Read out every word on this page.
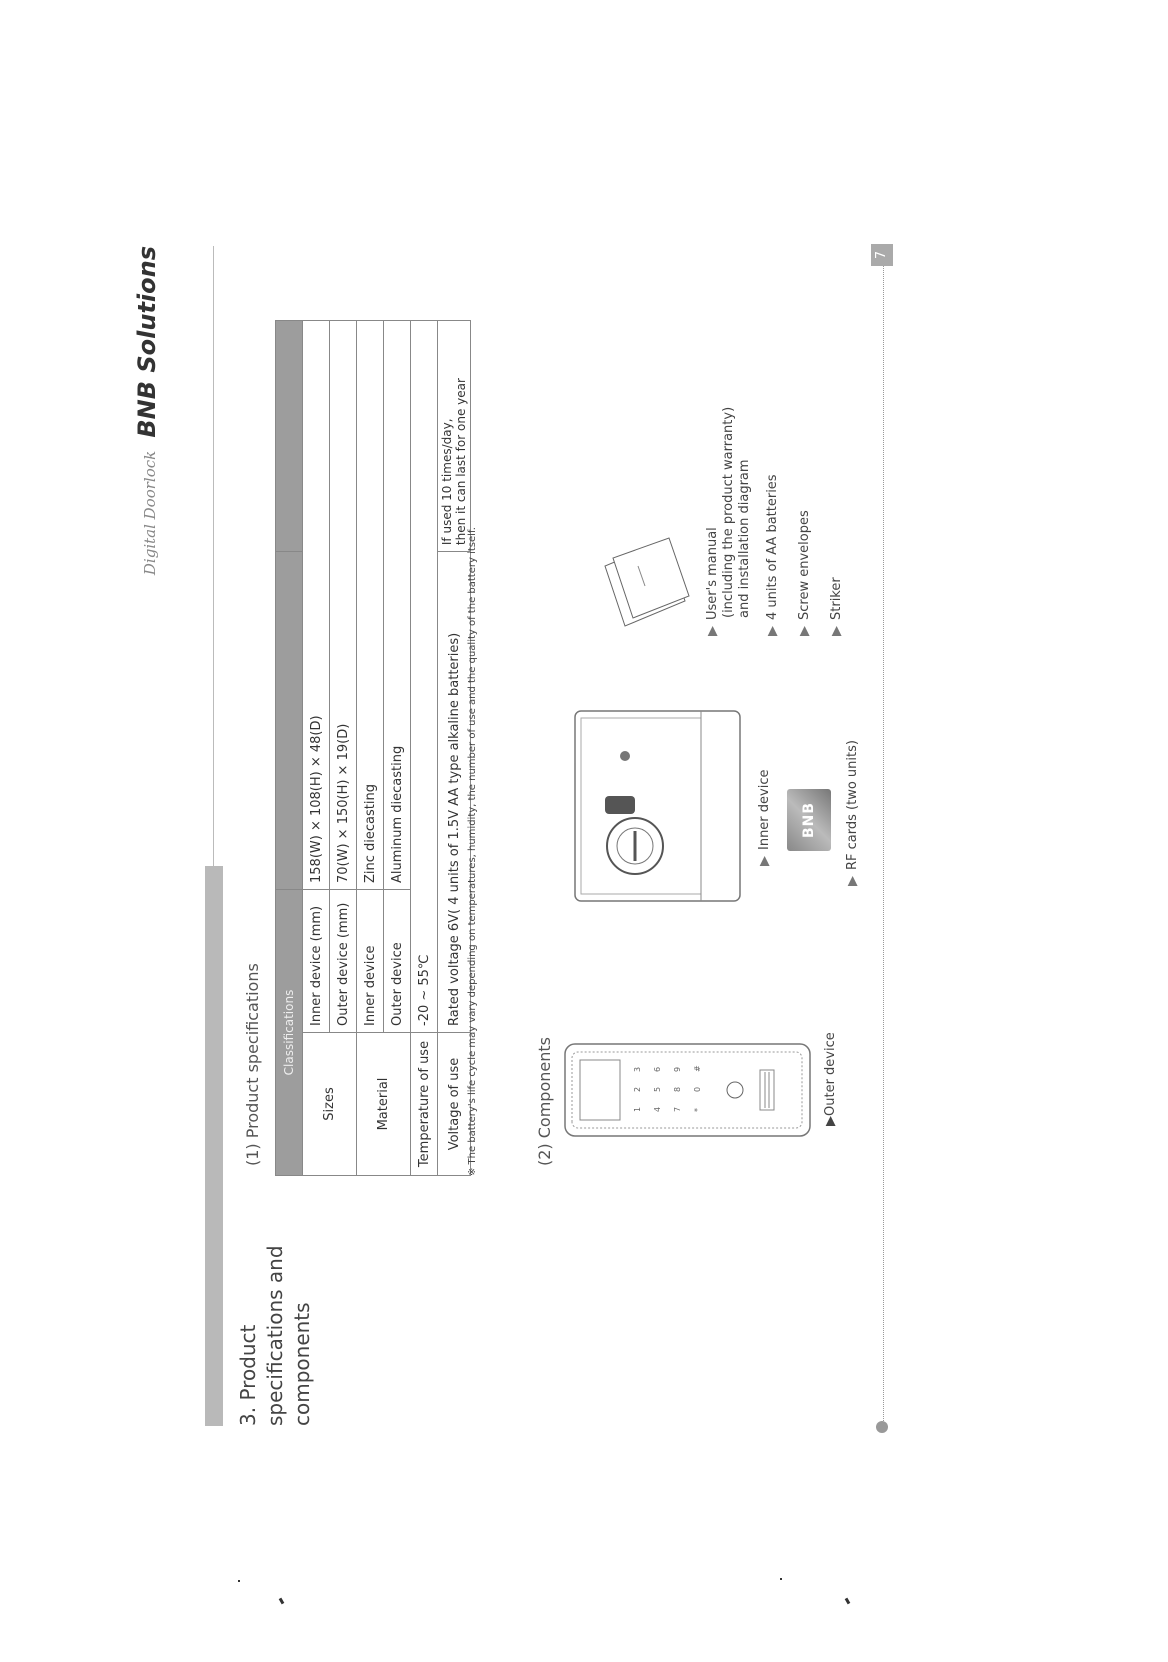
Digital Doorlock BNB Solutions
3. Product specifications and components
(1) Product specifications Classifications			
Sizes	Inner device (mm)	158(W) × 108(H) × 48(D)	
	Outer device (mm)	70(W) × 150(H) × 19(D)	
Material	Inner device	Zinc diecasting	
	Outer device	Aluminum diecasting	
Temperature of use	-20 ~ 55℃		
Voltage of use	Rated voltage 6V( 4 units of 1.5V AA type alkaline batteries)		If used 10 times/day,
then it can last for one year
※ The battery's life cycle may vary depending on temperatures, humidity, the number of use and the quality of the battery itself.	(2) Components	1
2
3
4
5
6
7
8
9
*
0
#	▶Outer device
▶Inner device BNB
▶RF cards (two units)
▶User's manual
(including the product warranty)
and installation diagram
▶4 units of AA batteries
▶Screw envelopes
▶Striker
7
